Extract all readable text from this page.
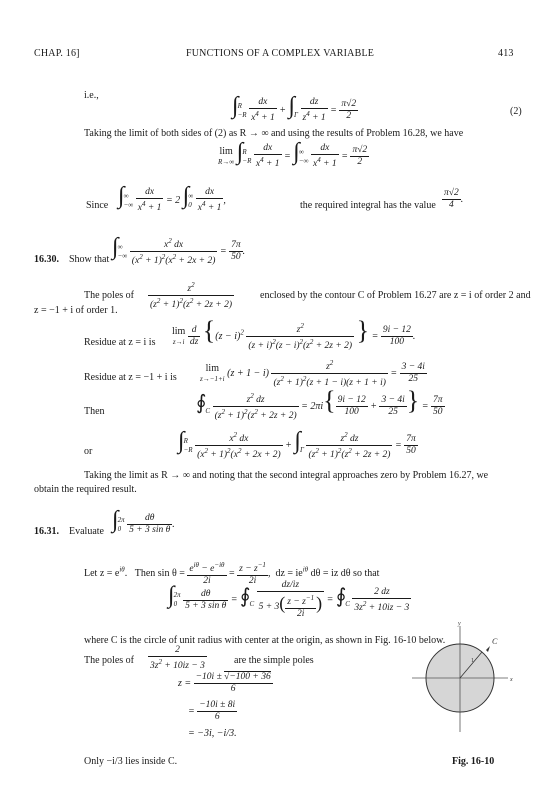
CHAP. 16]	FUNCTIONS OF A COMPLEX VARIABLE	413
i.e.,	∫ R
−R
$\frac{dx}{x^4 + 1}$ + ∫
Γ
$\frac{dz}{z^4 + 1} = \frac{\pi√2}{2}$	(2)
Taking the limit of both sides of (2) as R → ∞ and using the results of Problem 16.28, we have
lim
R→∞ ∫ R
−R
$\frac{dx}{x^4 + 1}$ = ∫ ∞
−∞
$\frac{dx}{x^4 + 1} = \frac{\pi√2}{2}$
Since ∫ ∞
−∞
$\frac{dx}{x^4 + 1} = 2$ ∫ ∞
0
$\frac{dx}{x^4 + 1}$ ,	the required integral has the value $\frac{\pi√2}{4}$ .
16.30. Show that ∫ ∞
−∞
$\frac{x^2 dx}{(x^2 + 1)^2(x^2 + 2x + 2)} = \frac{7\pi}{50}$ .
The poles of $\frac{z^2}{(z^2 + 1)^2(z^2 + 2z + 2)}$	enclosed by the contour C of Problem 16.27 are z = i of order 2 and
z = −1 + i of order 1.
Residue at z = i is
lim
z→i
$\frac{d}{dz} \{(z - i)^2 \frac{z^2}{(z + i)^2(z - i)^2(z^2 + 2z + 2)}$ } = $\frac{9i - 12}{100}$ .
Residue at z = −1 + i is
lim
z→−1+i $(z + 1 - i) \frac{z^2}{(z^2 + 1)^2(z + 1 - i)(z + 1 + i)} = \frac{3 - 4i}{25}$
Then	∮
C
$\frac{z^2 dz}{(z^2 + 1)^2(z^2 + 2z + 2)} = 2\pi i\{ \frac{9i - 12}{100} + \frac{3 - 4i}{25}$ } = $\frac{7\pi}{50}$
or	∫ R
−R
$\frac{x^2 dx}{(x^2 + 1)^2(x^2 + 2x + 2)}$ + ∫
Γ
$\frac{z^2 dz}{(z^2 + 1)^2(z^2 + 2z + 2)} = \frac{7\pi}{50}$
Taking the limit as R → ∞ and noting that the second integral approaches zero by Problem 16.27, we
obtain the required result.
16.31. Evaluate ∫ 2π
0
$\frac{d\theta}{\text{5 + 3 sin θ}}$ .
Let $z = e^{i\theta}$.   Then $\sin \theta = \frac{e^{i\theta} - e^{-i\theta}}{2i} = \frac{z - z^{-1}}{2i}$ ,  dz = $ie^{i\theta}$ dθ = iz dθ so that
∫ 2π
0
$\frac{d\theta}{\text{5 + 3 sin θ}}$ = ∮
C
$\frac{dz/iz}{5 + 3( \frac{z - z^{-1}}{2i} )}$ = ∮
C
$\frac{2 dz}{3z^2 + 10iz - 3}$
where C is the circle of unit radius with center at the origin, as shown in Fig. 16-10 below.
The poles of $\frac{2}{3z^2 + 10iz - 3}$	are the simple poles
$z = \frac{-10i \pm √-100 + 36}{6}$
= $\frac{-10i \pm 8i}{6}$
= −3i, −i/3.
Only −i/3 lies inside C.
C
1
x
y
Fig. 16-10
